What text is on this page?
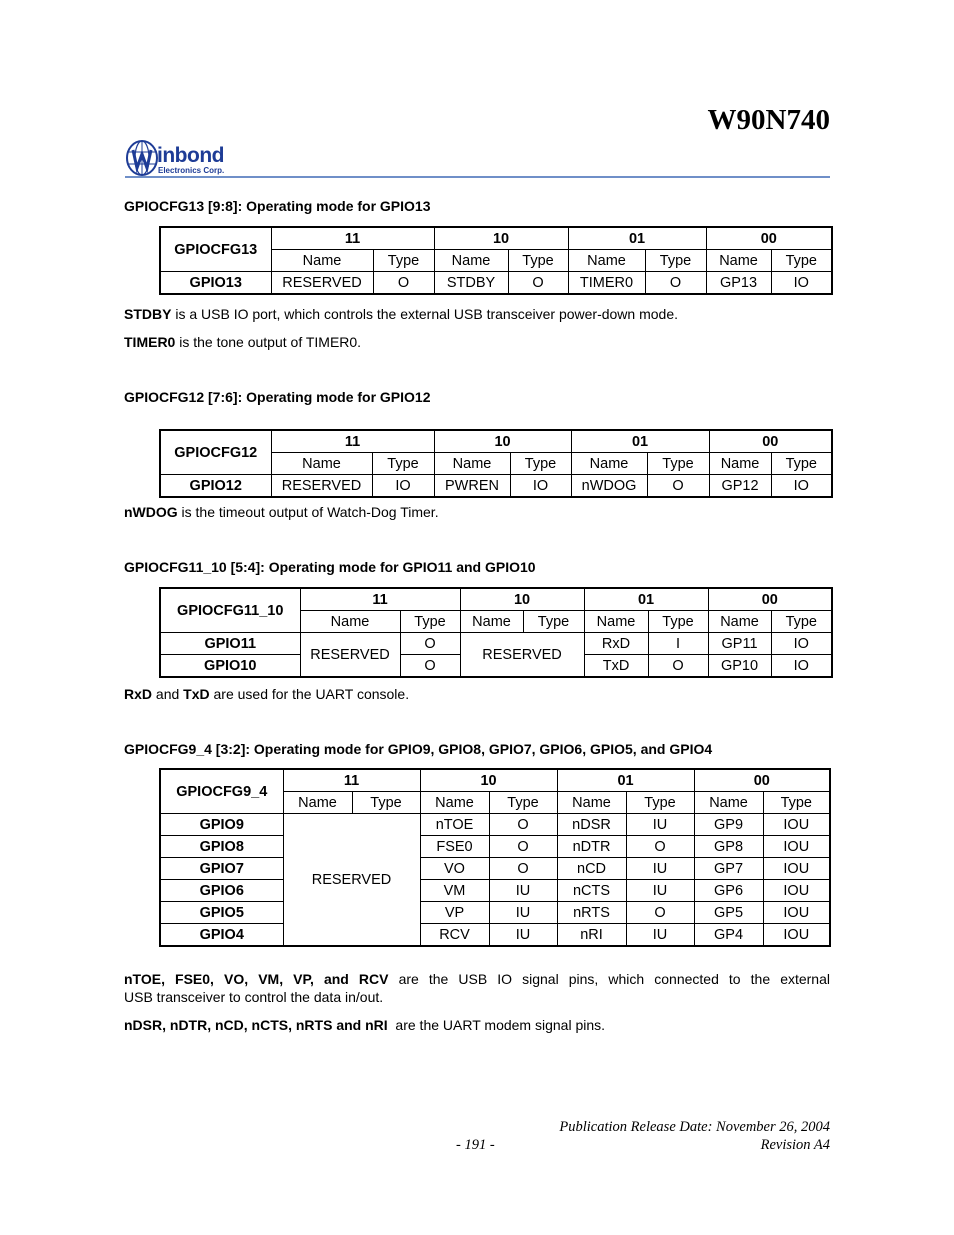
W90N740
inbond
Electronics Corp.
GPIOCFG13 [9:8]: Operating mode for GPIO13
GPIOCFG13	11		10		01		00	
	Name	Type	Name	Type	Name	Type	Name	Type
GPIO13	RESERVED	O	STDBY	O	TIMER0	O	GP13	IO
STDBY is a USB IO port, which controls the external USB transceiver power-down mode.
TIMER0 is the tone output of TIMER0.
GPIOCFG12 [7:6]: Operating mode for GPIO12
GPIOCFG12	11		10		01		00	
	Name	Type	Name	Type	Name	Type	Name	Type
GPIO12	RESERVED	IO	PWREN	IO	nWDOG	O	GP12	IO
nWDOG is the timeout output of Watch-Dog Timer.
GPIOCFG11_10 [5:4]: Operating mode for GPIO11 and GPIO10
GPIOCFG11_10	11		10		01		00	
	Name	Type	Name	Type	Name	Type	Name	Type
GPIO11	RESERVED	O	RESERVED		RxD	I	GP11	IO
GPIO10		O			TxD	O	GP10	IO
RxD and TxD are used for the UART console.
GPIOCFG9_4 [3:2]: Operating mode for GPIO9, GPIO8, GPIO7, GPIO6, GPIO5, and GPIO4
GPIOCFG9_4	11		10		01		00	
	Name	Type	Name	Type	Name	Type	Name	Type
GPIO9	RESERVED		nTOE	O	nDSR	IU	GP9	IOU
GPIO8			FSE0	O	nDTR	O	GP8	IOU
GPIO7			VO	O	nCD	IU	GP7	IOU
GPIO6			VM	IU	nCTS	IU	GP6	IOU
GPIO5			VP	IU	nRTS	O	GP5	IOU
GPIO4			RCV	IU	nRI	IU	GP4	IOU
nTOE, FSE0, VO, VM, VP, and RCV are the USB IO signal pins, which connected to the external
USB transceiver to control the data in/out.
nDSR, nDTR, nCD, nCTS, nRTS and nRI  are the UART modem signal pins.
Publication Release Date: November 26, 2004
- 191 -	Revision A4
